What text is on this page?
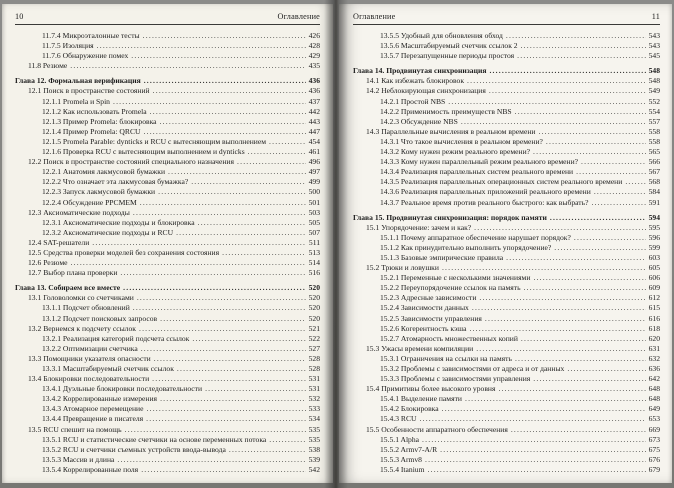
10	Оглавление
11.7.4 Микроэталонные тесты .....	426
11.7.5 Изоляция .....	428
11.7.6 Обнаружение помех .....	429
11.8 Резюме .....	435
Глава 12. Формальная верификация .....	436
12.1 Поиск в пространстве состояний .....	436
12.1.1 Promela и Spin .....	437
12.1.2 Как использовать Promela .....	442
12.1.3 Пример Promela: блокировка .....	443
12.1.4 Пример Promela: QRCU .....	447
12.1.5 Promela Parable: dynticks и RCU с вытесняющим выполнением .....	454
12.1.6 Проверка RCU с вытесняющим выполнением и dynticks .....	461
12.2 Поиск в пространстве состояний специального назначения .....	496
12.2.1 Анатомия лакмусовой бумажки .....	497
12.2.2 Что означает эта лакмусовая бумажка? .....	499
12.2.3 Запуск лакмусовой бумажки .....	500
12.2.4 Обсуждение PPCMEM .....	501
12.3 Аксиоматические подходы .....	503
12.3.1 Аксиоматические подходы и блокировка .....	505
12.3.2 Аксиоматические подходы и RCU .....	507
12.4 SAT-решатели .....	511
12.5 Средства проверки моделей без сохранения состояния .....	513
12.6 Резюме .....	514
12.7 Выбор плана проверки .....	516
Глава 13. Собираем все вместе .....	520
13.1 Головоломки со счетчиками .....	520
13.1.1 Подсчет обновлений .....	520
13.1.2 Подсчет поисковых запросов .....	520
13.2 Вернемся к подсчету ссылок .....	521
13.2.1 Реализация категорий подсчета ссылок .....	522
13.2.2 Оптимизации счетчика .....	527
13.3 Помощники указателя опасности .....	528
13.3.1 Масштабируемый счетчик ссылок .....	528
13.4 Блокировки последовательности .....	531
13.4.1 Дуэльные блокировки последовательности .....	531
13.4.2 Коррелированные измерения .....	532
13.4.3 Атомарное перемещение .....	533
13.4.4 Превращение в писателя .....	534
13.5 RCU спешит на помощь .....	535
13.5.1 RCU и статистические счетчики на основе переменных потока .....	535
13.5.2 RCU и счетчики съемных устройств ввода-вывода .....	538
13.5.3 Массив и длина .....	539
13.5.4 Коррелированные поля .....	542
Оглавление	11
13.5.5 Удобный для обновления обход .....	543
13.5.6 Масштабируемый счетчик ссылок 2 .....	543
13.5.7 Перезапущенные периоды простоя .....	545
Глава 14. Продвинутая синхронизация .....	548
14.1 Как избежать блокировок .....	548
14.2 Неблокирующая синхронизация .....	549
14.2.1 Простой NBS .....	552
14.2.2 Применимость преимуществ NBS .....	554
14.2.3 Обсуждение NBS .....	557
14.3 Параллельные вычисления в реальном времени .....	558
14.3.1 Что такое вычисления в реальном времени? .....	558
14.3.2 Кому нужен режим реального времени? .....	565
14.3.3 Кому нужен параллельный режим реального времени? .....	566
14.3.4 Реализация параллельных систем реального времени .....	567
14.3.5 Реализация параллельных операционных систем реального времени .....	568
14.3.6 Реализация параллельных приложений реального времени .....	584
14.3.7 Реальное время против реального быстрого: как выбрать? .....	591
Глава 15. Продвинутая синхронизация: порядок памяти .....	594
15.1 Упорядочение: зачем и как? .....	595
15.1.1 Почему аппаратное обеспечение нарушает порядок? .....	596
15.1.2 Как принудительно выполнить упорядочение? .....	599
15.1.3 Базовые эмпирические правила .....	603
15.2 Трюки и ловушки .....	605
15.2.1 Переменные с несколькими значениями .....	606
15.2.2 Переупорядочение ссылок на память .....	609
15.2.3 Адресные зависимости .....	612
15.2.4 Зависимости данных .....	615
15.2.5 Зависимости управления .....	616
15.2.6 Когерентность кэша .....	618
15.2.7 Атомарность множественных копий .....	620
15.3 Ужасы времени компиляции .....	631
15.3.1 Ограничения на ссылки на память .....	632
15.3.2 Проблемы с зависимостями от адреса и от данных .....	636
15.3.3 Проблемы с зависимостями управления .....	642
15.4 Примитивы более высокого уровня .....	648
15.4.1 Выделение памяти .....	648
15.4.2 Блокировка .....	649
15.4.3 RCU .....	653
15.5 Особенности аппаратного обеспечения .....	669
15.5.1 Alpha .....	673
15.5.2 Armv7-A/R .....	675
15.5.3 Armv8 .....	676
15.5.4 Itanium .....	679
